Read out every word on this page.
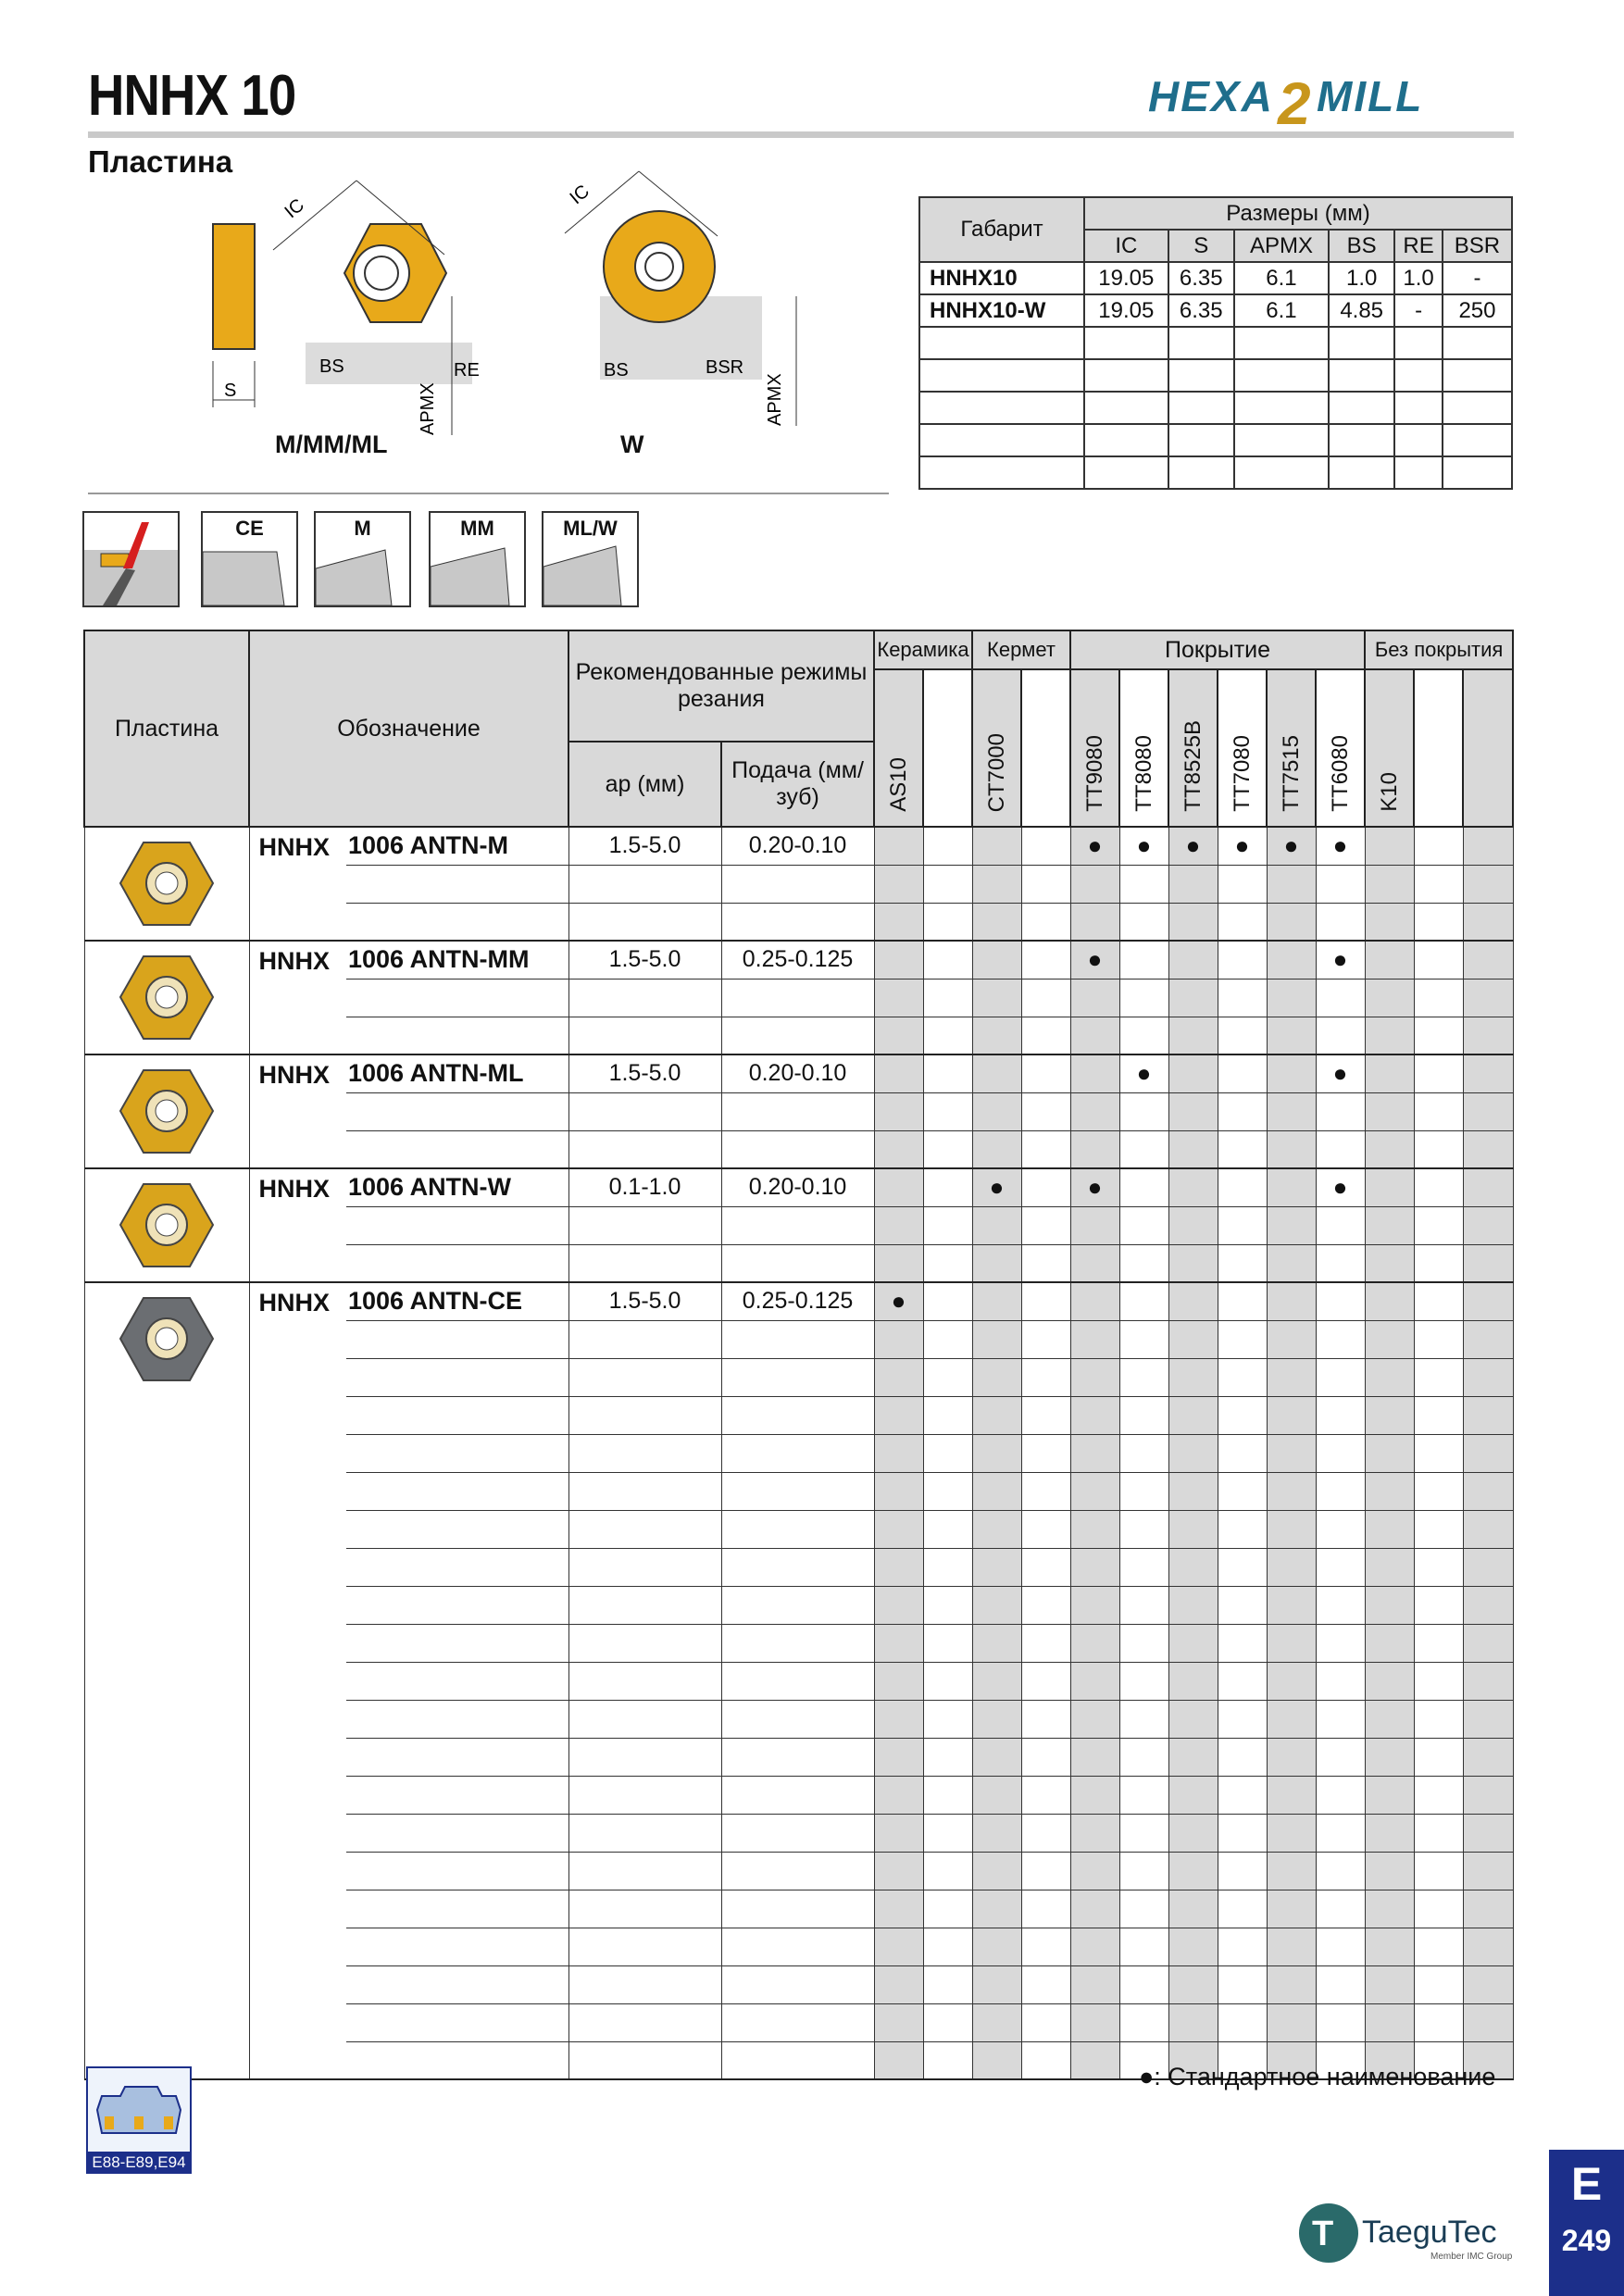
HNHX 10	HEXA 2 MILL
Пластина
S
IC
BS	RE
APMX
IC
BS	BSR
APMX
M/MM/ML	W
Габарит	Размеры (мм)					
	IC	S	APMX	BS	RE	BSR
HNHX10	19.05	6.35	6.1	1.0	1.0	-
HNHX10-W	19.05	6.35	6.1	4.85	-	250

CE	M	MM	ML/W
Пластина	Обозначение		Рекомендованные режимы резания		Керамика		Кермет		Покрытие						Без покрытия		
					AS10		CT7000		TT9080	TT8080	TT8525B	TT7080	TT7515	TT6080	K10		
			ap (мм)	Подача (мм/зуб)													
	HNHX	1006 ANTN-M	1.5-5.0	0.20-0.10					●	●	●	●	●	●			

	HNHX	1006 ANTN-MM	1.5-5.0	0.25-0.125					●					●			

	HNHX	1006 ANTN-ML	1.5-5.0	0.20-0.10						●				●			

	HNHX	1006 ANTN-W	0.1-1.0	0.20-0.10			●		●					●			

	HNHX	1006 ANTN-CE	1.5-5.0	0.25-0.125	●												

●: Стандартное наименование
E88-E89,E94
T TaeguTec
Member IMC Group
E
249
